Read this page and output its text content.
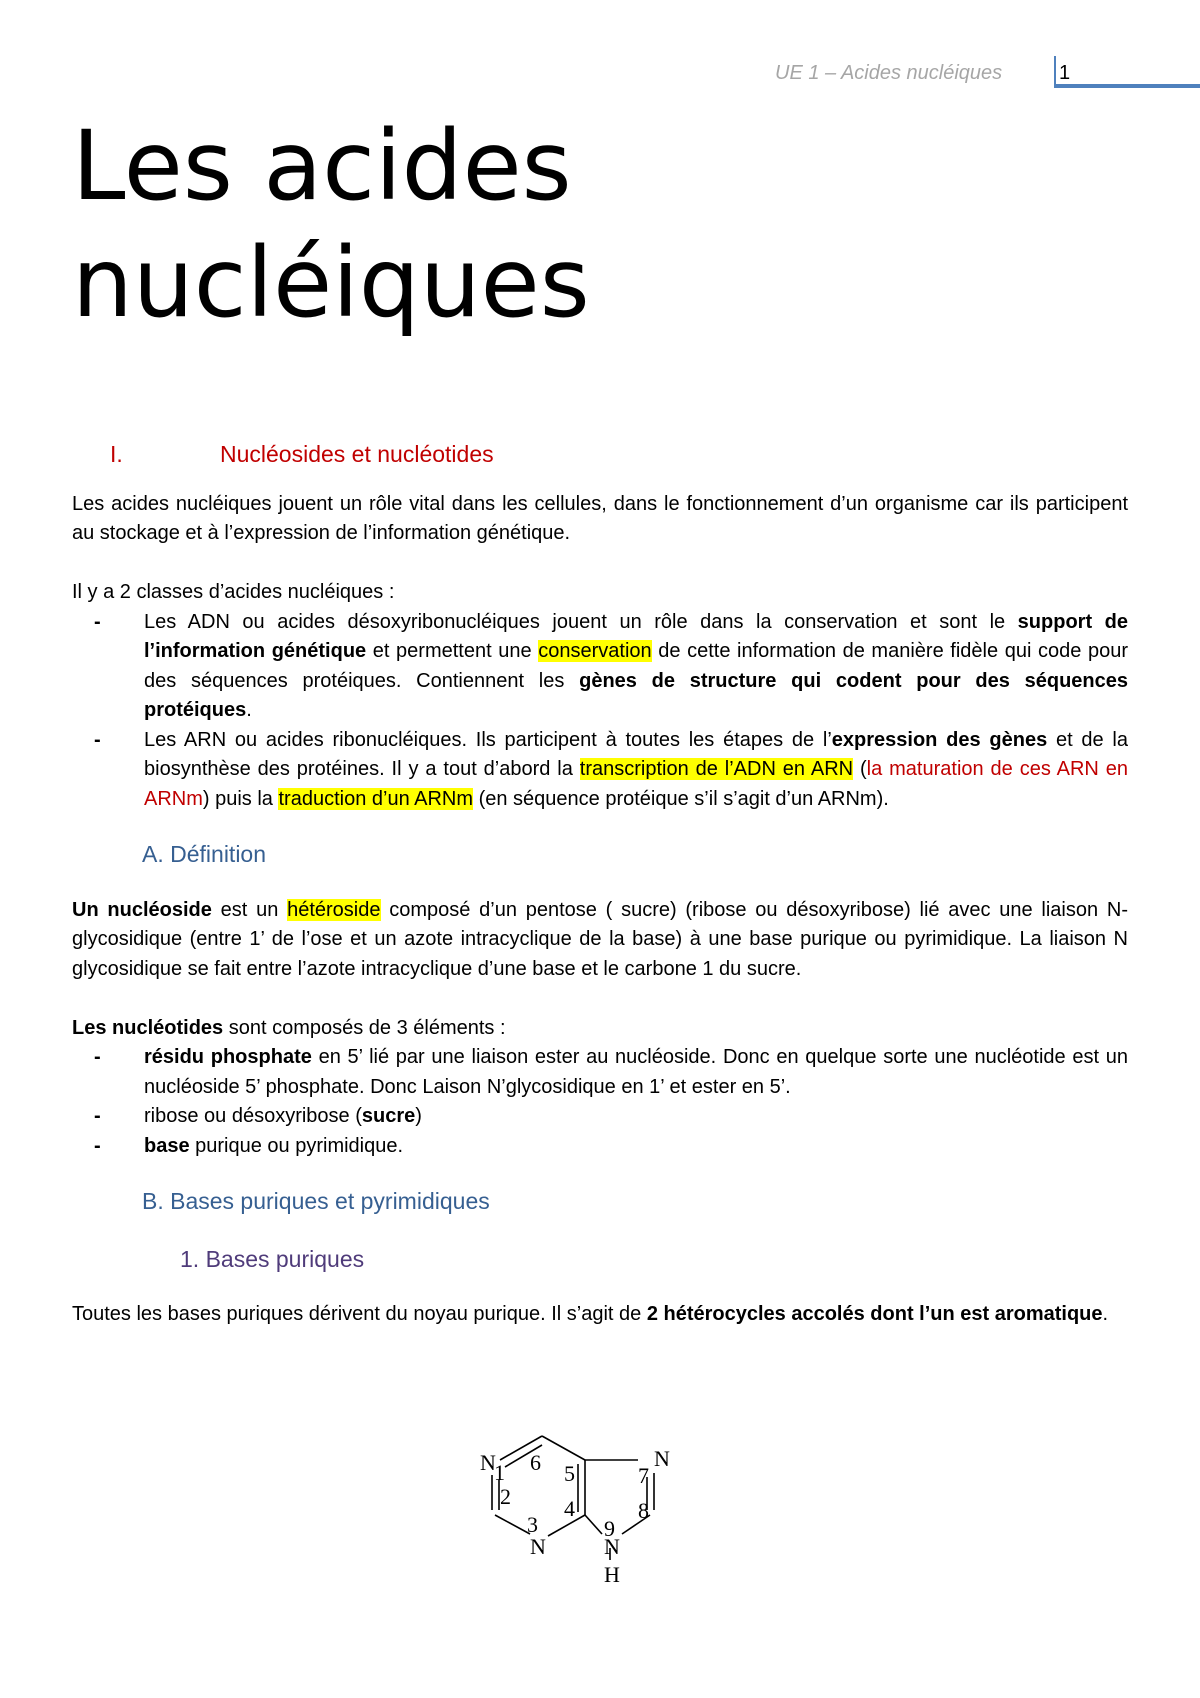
UE 1 – Acides nucléiques	1
Les acides
nucléiques

I.	Nucléosides et nucléotides

Les acides nucléiques jouent un rôle vital dans les cellules, dans le fonctionnement d’un organisme car ils participent au stockage et à l’expression de l’information génétique.

Il y a 2 classes d’acides nucléiques :

- Les ADN ou acides désoxyribonucléiques jouent un rôle dans la conservation et sont le support de l’information génétique et permettent une conservation de cette information de manière fidèle qui code pour des séquences protéiques. Contiennent les gènes de structure qui codent pour des séquences protéiques.
- Les ARN ou acides ribonucléiques. Ils participent à toutes les étapes de l’expression des gènes et de la biosynthèse des protéines. Il y a tout d’abord la transcription de l’ADN en ARN (la maturation de ces ARN en ARNm) puis la traduction d’un ARNm (en séquence protéique s’il s’agit d’un ARNm).

A. Définition

Un nucléoside est un hétéroside composé d’un pentose ( sucre) (ribose ou désoxyribose) lié avec une liaison N-glycosidique (entre 1’ de l’ose et un azote intracyclique de la base) à une base purique ou pyrimidique. La liaison N glycosidique se fait entre l’azote intracyclique d’une base et le carbone 1 du sucre.

Les nucléotides sont composés de 3 éléments :

- résidu phosphate en 5’ lié par une liaison ester au nucléoside. Donc en quelque sorte une nucléotide est un nucléoside 5’ phosphate. Donc Laison N’glycosidique en 1’ et ester en 5’.
- ribose ou désoxyribose (sucre)
- base purique ou pyrimidique.

B. Bases puriques et pyrimidiques

1. Bases puriques

Toutes les bases puriques dérivent du noyau purique. Il s’agit de 2 hétérocycles accolés dont l’un est aromatique.

N
1
2
3
N
4
5
6	N
7
8
9
N
H
